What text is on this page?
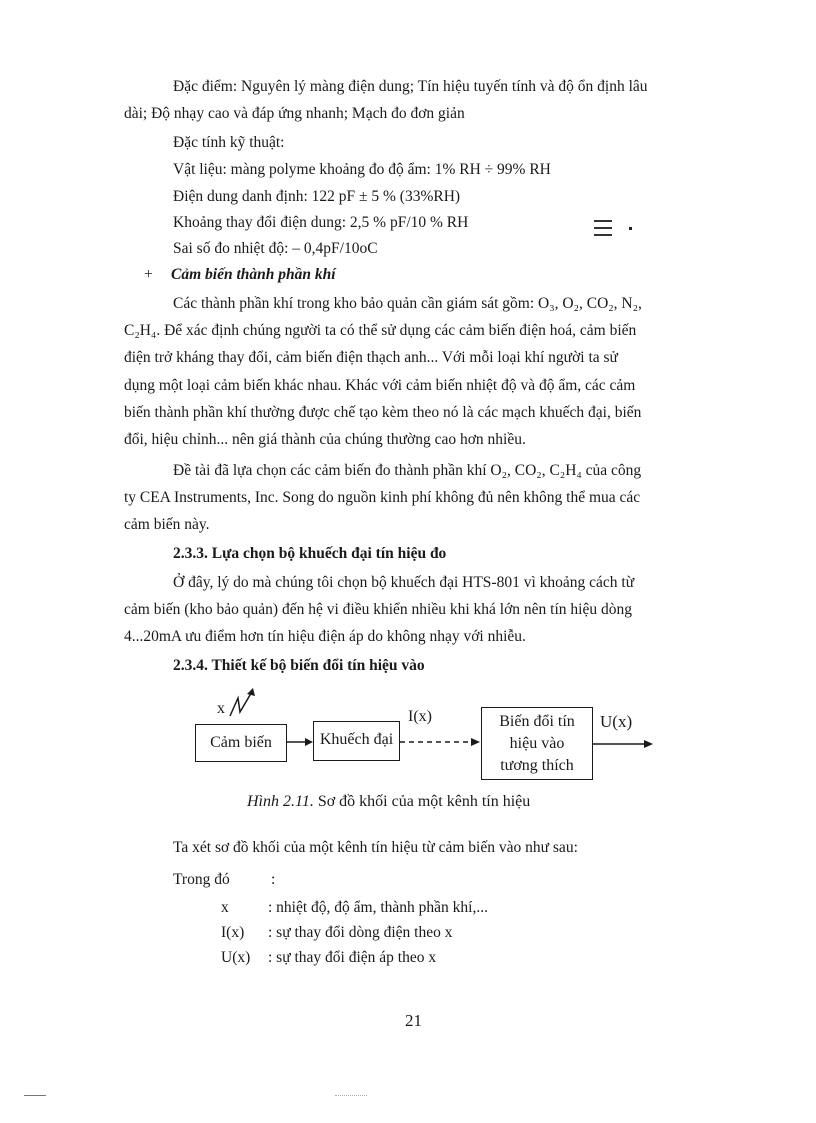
Đặc điểm: Nguyên lý màng điện dung; Tín hiệu tuyến tính và độ ổn định lâu
dài; Độ nhạy cao và đáp ứng nhanh; Mạch đo đơn giản
Đặc tính kỹ thuật:
Vật liệu: màng polyme khoảng đo độ ẩm: 1% RH ÷ 99% RH
Điện dung danh định: 122 pF ± 5 % (33%RH)
Khoảng thay đổi điện dung: 2,5 % pF/10 % RH
Sai số đo nhiệt độ: – 0,4pF/10oC
+ Cảm biến thành phần khí
Các thành phần khí trong kho bảo quản cần giám sát gồm: O₃, O₂, CO₂, N₂,
C₂H₄. Để xác định chúng người ta có thể sử dụng các cảm biến điện hoá, cảm biến
điện trở kháng thay đổi, cảm biến điện thạch anh... Với mỗi loại khí người ta sử
dụng một loại cảm biến khác nhau. Khác với cảm biến nhiệt độ và độ ẩm, các cảm
biến thành phần khí thường được chế tạo kèm theo nó là các mạch khuếch đại, biến
đổi, hiệu chỉnh... nên giá thành của chúng thường cao hơn nhiều.
Đề tài đã lựa chọn các cảm biến đo thành phần khí O₂, CO₂, C₂H₄ của công
ty CEA Instruments, Inc. Song do nguồn kinh phí không đủ nên không thể mua các
cảm biến này.
2.3.3. Lựa chọn bộ khuếch đại tín hiệu đo
Ở đây, lý do mà chúng tôi chọn bộ khuếch đại HTS-801 vì khoảng cách từ
cảm biến (kho bảo quản) đến hệ vi điều khiển nhiều khi khá lớn nên tín hiệu dòng
4...20mA ưu điểm hơn tín hiệu điện áp do không nhạy với nhiễu.
2.3.4. Thiết kế bộ biến đổi tín hiệu vào
x
Cảm biến	Khuếch đại
I(x)	Biến đổi tín
hiệu vào
tương thích
U(x)
Hình 2.11. Sơ đồ khối của một kênh tín hiệu
Ta xét sơ đồ khối của một kênh tín hiệu từ cảm biến vào như sau:
Trong đó	:
x	: nhiệt độ, độ ẩm, thành phần khí,...
I(x) : sự thay đổi dòng điện theo x
U(x) : sự thay đổi điện áp theo x
21
